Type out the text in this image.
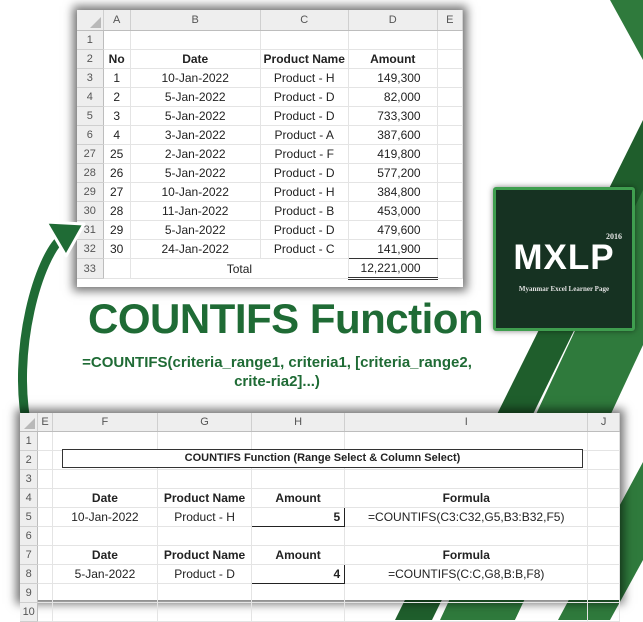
	A	B	C	D	E
1					
2	No	Date	Product Name	Amount	
3	1	10-Jan-2022	Product - H	149,300	
4	2	5-Jan-2022	Product - D	82,000	
5	3	5-Jan-2022	Product - D	733,300	
6	4	3-Jan-2022	Product - A	387,600	
27	25	2-Jan-2022	Product - F	419,800	
28	26	5-Jan-2022	Product - D	577,200	
29	27	10-Jan-2022	Product - H	384,800	
30	28	11-Jan-2022	Product - B	453,000	
31	29	5-Jan-2022	Product - D	479,600	
32	30	24-Jan-2022	Product - C	141,900	
33		Total		12,221,000	
2016
MXLP
Myanmar Excel Learner Page
COUNTIFS Function
=COUNTIFS(criteria_range1, criteria1, [criteria_range2, crite-ria2]...)
	E	F	G	H	I	J
1						
2						
3						
4		Date	Product Name	Amount	Formula	
5		10-Jan-2022	Product - H	5	=COUNTIFS(C3:C32,G5,B3:B32,F5)	
6						
7		Date	Product Name	Amount	Formula	
8		5-Jan-2022	Product - D	4	=COUNTIFS(C:C,G8,B:B,F8)	
9						
10						
COUNTIFS Function (Range Select & Column Select)
